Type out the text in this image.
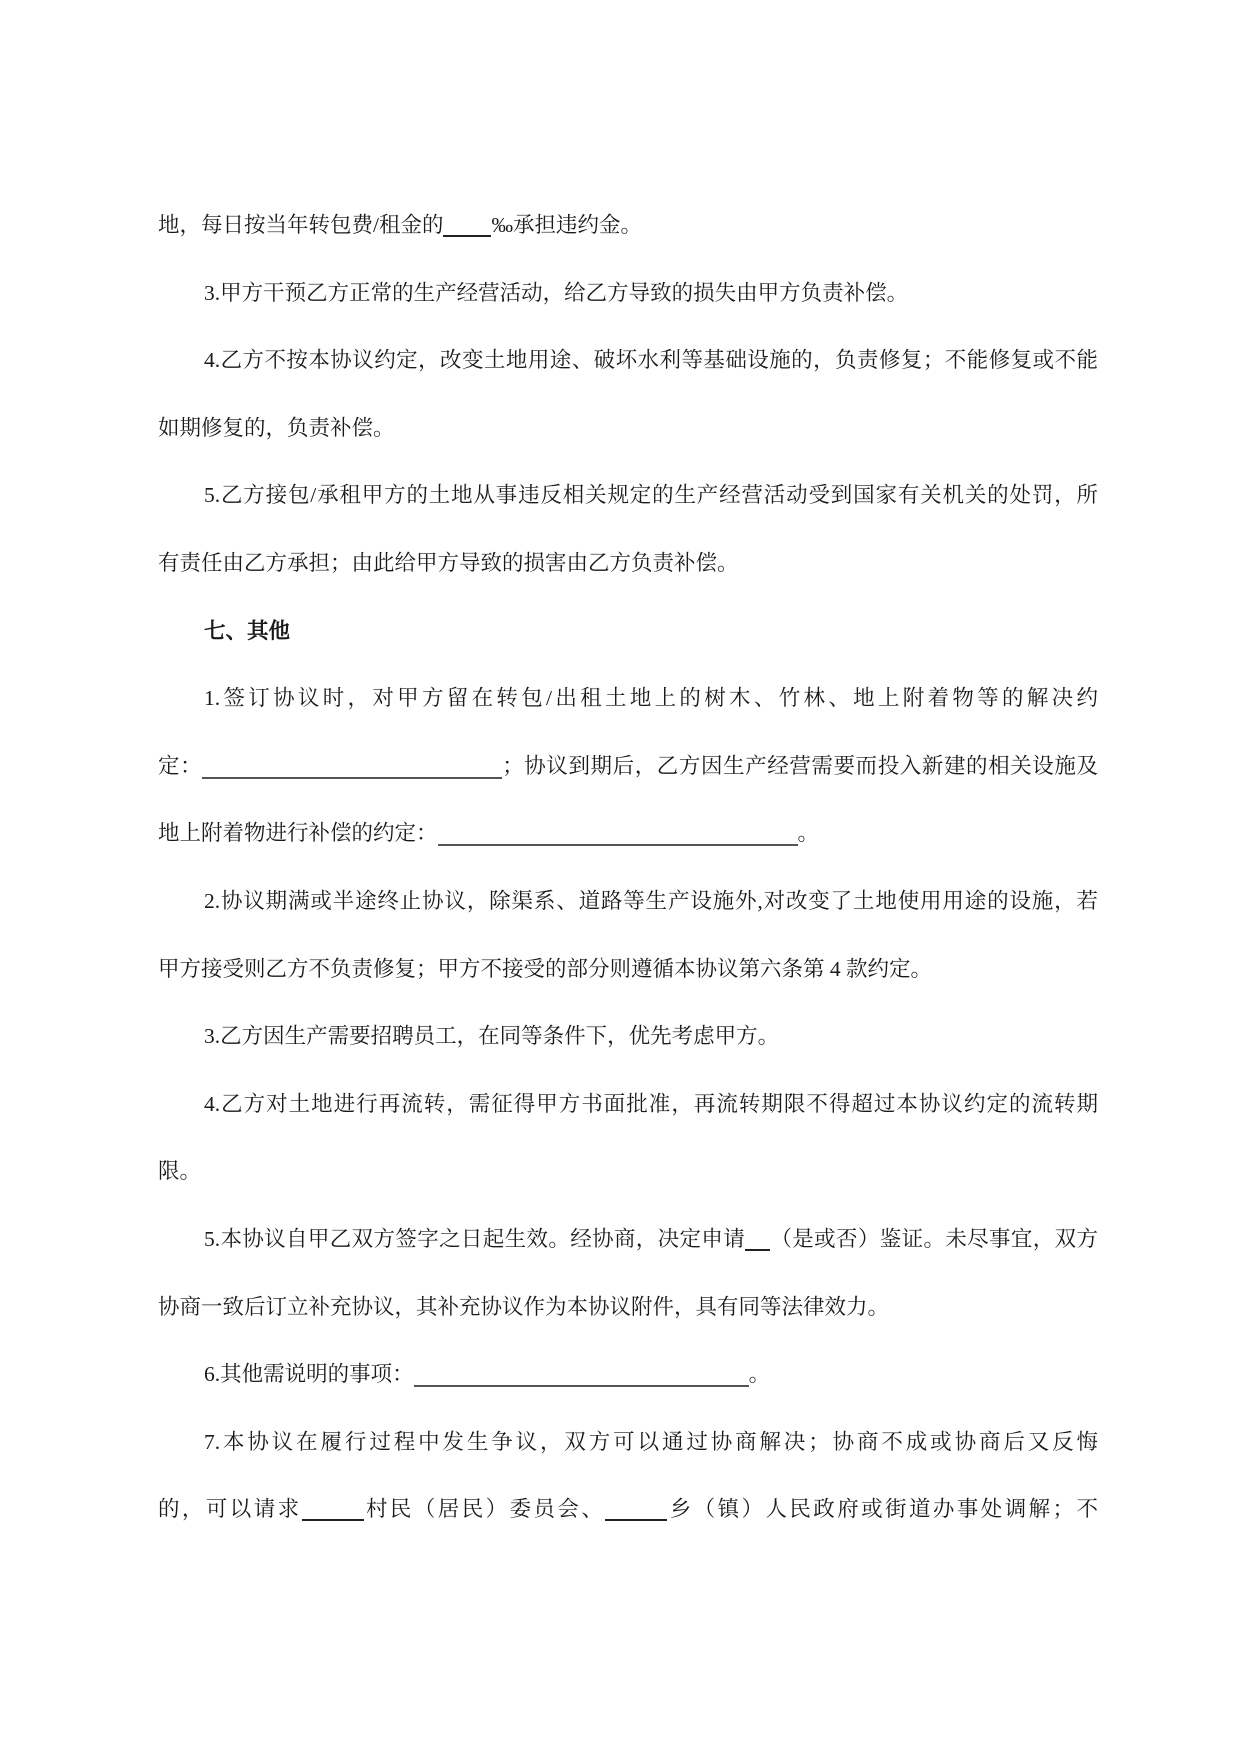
地，每日按当年转包费/租金的 ‰承担违约金。
3.甲方干预乙方正常的生产经营活动，给乙方导致的损失由甲方负责补偿。
4.乙方不按本协议约定，改变土地用途、破坏水利等基础设施的，负责修复；不能修复或不能
如期修复的，负责补偿。
5.乙方接包/承租甲方的土地从事违反相关规定的生产经营活动受到国家有关机关的处罚，所
有责任由乙方承担；由此给甲方导致的损害由乙方负责补偿。
七、其他
1.签订协议时，对甲方留在转包/出租土地上的树木、竹林、地上附着物等的解决约
定：	；协议到期后，乙方因生产经营需要而投入新建的相关设施及
地上附着物进行补偿的约定：	。
2.协议期满或半途终止协议，除渠系、道路等生产设施外,对改变了土地使用用途的设施，若
甲方接受则乙方不负责修复；甲方不接受的部分则遵循本协议第六条第 4 款约定。
3.乙方因生产需要招聘员工，在同等条件下，优先考虑甲方。
4.乙方对土地进行再流转，需征得甲方书面批准，再流转期限不得超过本协议约定的流转期
限。
5.本协议自甲乙双方签字之日起生效。经协商，决定申请 （是或否）鉴证。未尽事宜，双方
协商一致后订立补充协议，其补充协议作为本协议附件，具有同等法律效力。
6.其他需说明的事项：	。
7.本协议在履行过程中发生争议，双方可以通过协商解决；协商不成或协商后又反悔
的，可以请求	村民（居民）委员会、	乡（镇）人民政府或街道办事处调解；不
